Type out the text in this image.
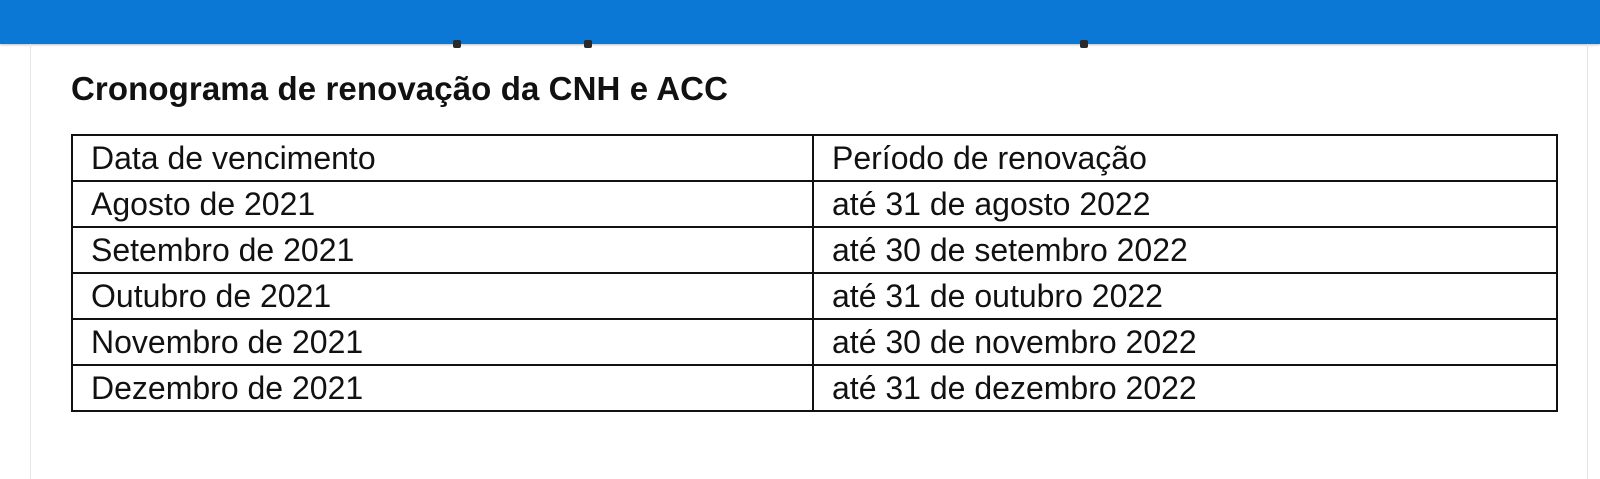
Cronograma de renovação da CNH e ACC
Data de vencimento	Período de renovação
Agosto de 2021	até 31 de agosto 2022
Setembro de 2021	até 30 de setembro 2022
Outubro de 2021	até 31 de outubro 2022
Novembro de 2021	até 30 de novembro 2022
Dezembro de 2021	até 31 de dezembro 2022
